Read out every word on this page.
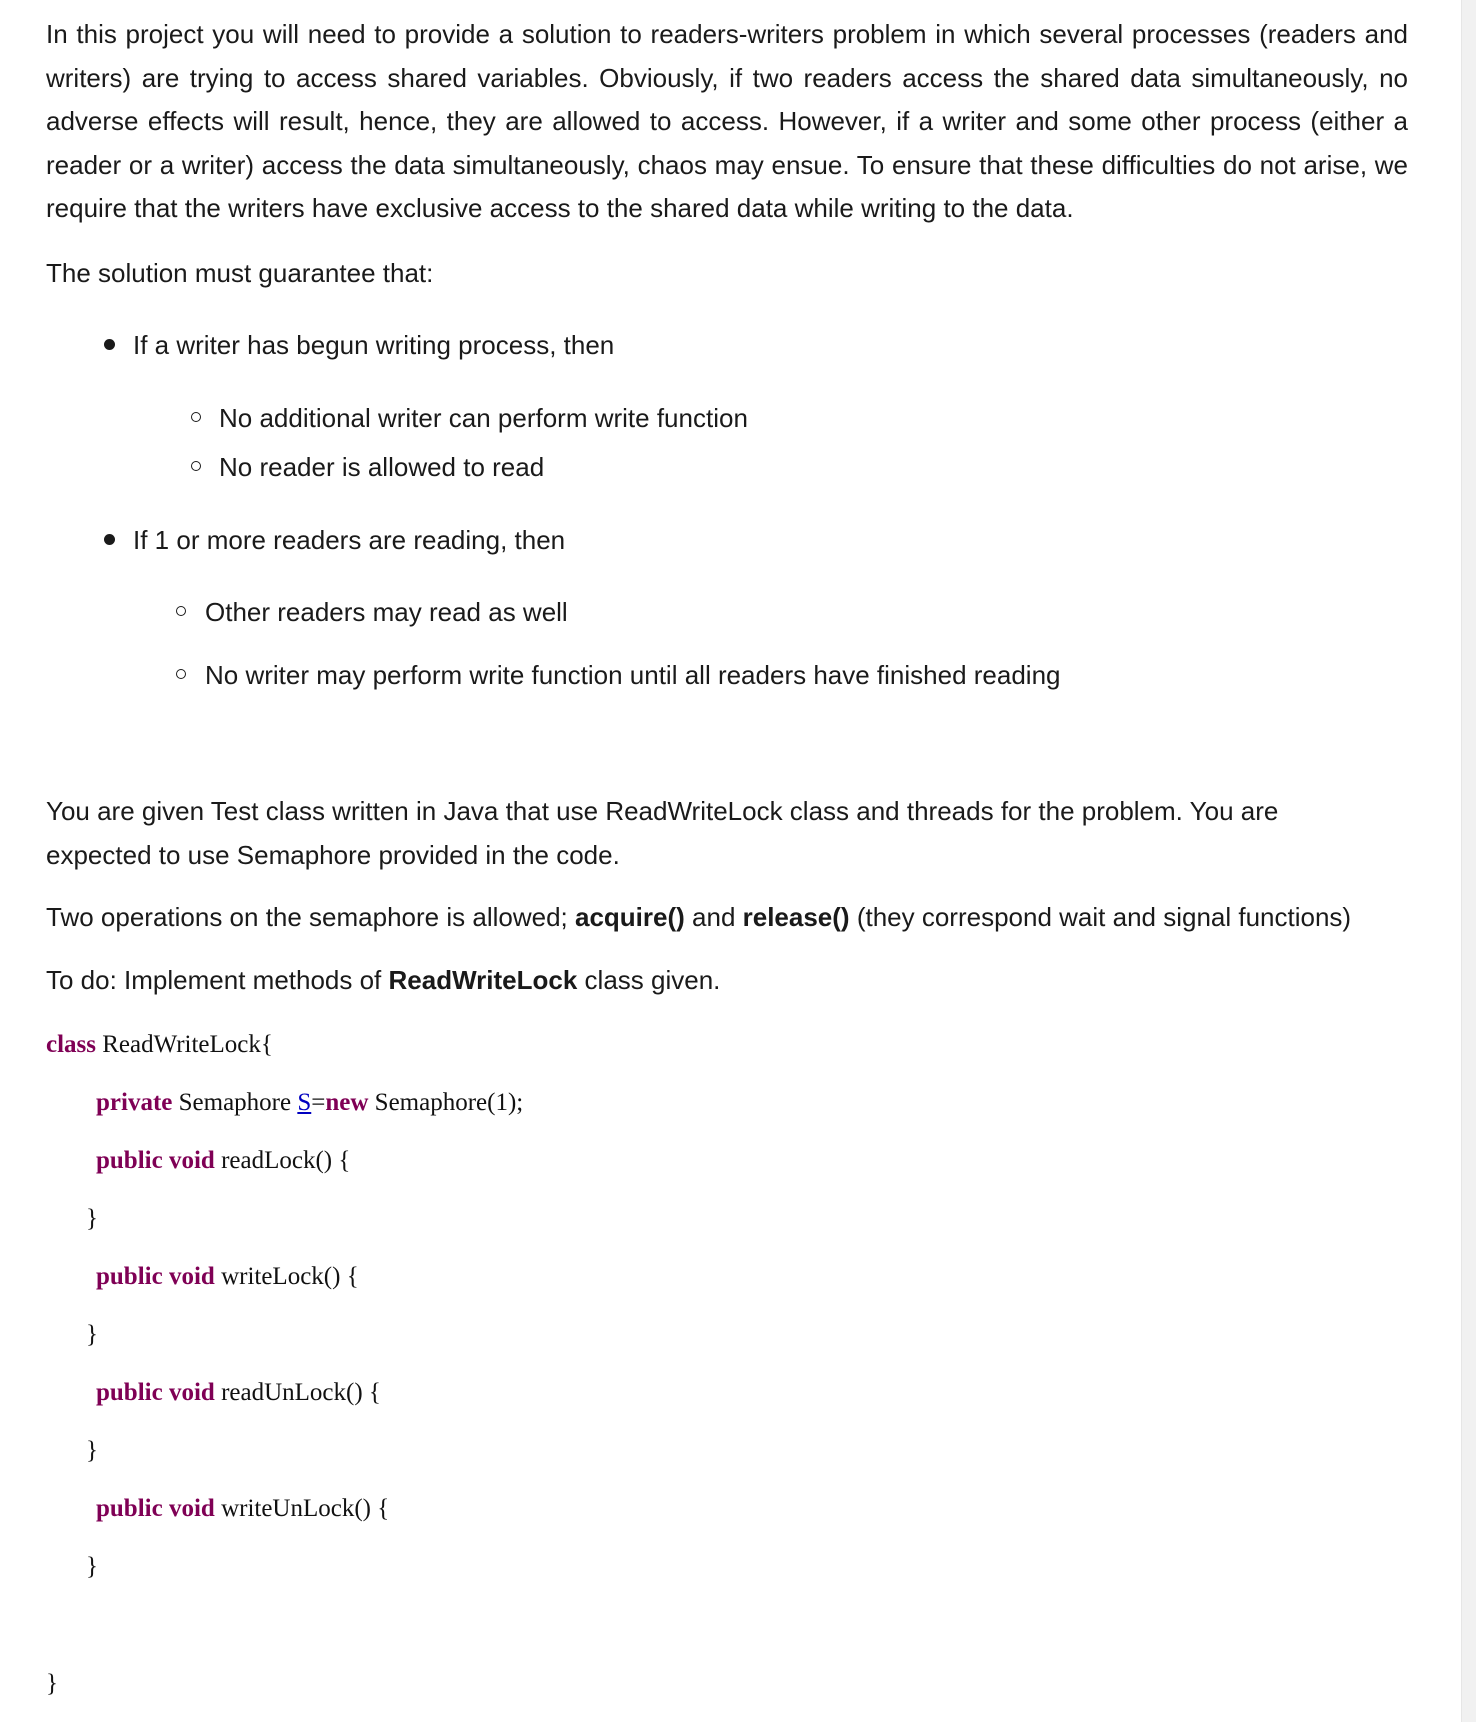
In this project you will need to provide a solution to readers-writers problem in which several processes (readers and writers) are trying to access shared variables. Obviously, if two readers access the shared data simultaneously, no adverse effects will result, hence, they are allowed to access. However, if a writer and some other process (either a reader or a writer) access the data simultaneously, chaos may ensue. To ensure that these difficulties do not arise, we require that the writers have exclusive access to the shared data while writing to the data.

The solution must guarantee that:
If a writer has begun writing process, then
No additional writer can perform write function
No reader is allowed to read
If 1 or more readers are reading, then
Other readers may read as well
No writer may perform write function until all readers have finished reading

You are given Test class written in Java that use ReadWriteLock class and threads for the problem. You are expected to use Semaphore provided in the code.

Two operations on the semaphore is allowed; acquire() and release() (they correspond wait and signal functions)
To do: Implement methods of ReadWriteLock class given.
class ReadWriteLock{
private Semaphore S=new Semaphore(1);
public void readLock() {
}
public void writeLock() {
}
public void readUnLock() {
}
public void writeUnLock() {
}
}
